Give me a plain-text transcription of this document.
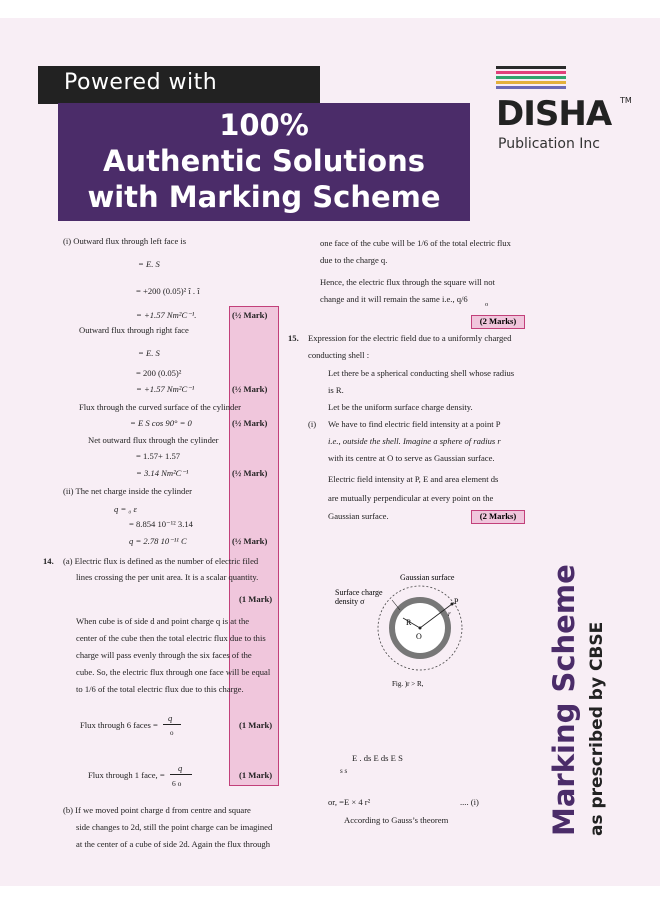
Powered with
100%
Authentic Solutions
with Marking Scheme
DISHA TM
Publication Inc
(i) Outward flux through left face is
= E. S
= +200 (0.05)² î . î
= +1.57 Nm²C⁻¹.	(½ Mark)
Outward flux through right face
= E. S
= 200 (0.05)²
= +1.57 Nm²C⁻¹	(½ Mark)
Flux through the curved surface of the cylinder
= E S cos 90° = 0	(½ Mark)
Net outward flux through the cylinder
= 1.57+ 1.57
= 3.14 Nm²C⁻¹	(½ Mark)
(ii) The net charge inside the cylinder
q = ₀ ε
= 8.854 10⁻¹² 3.14
q = 2.78 10⁻¹¹ C	(½ Mark)
14. (a) Electric flux is defined as the number of electric filed
lines crossing the per unit area. It is a scalar quantity.
(1 Mark)
When cube is of side d and point charge q is at the
center of the cube then the total electric flux due to this
charge will pass evenly through the six faces of the
cube. So, the electric flux through one face will be equal
to 1/6 of the total electric flux due to this charge.
Flux through 6 faces =
q
o
(1 Mark)
Flux through 1 face, =
q
6 o
(1 Mark)
(b) If we moved point charge d from centre and square
side changes to 2d, still the point charge can be imagined
at the center of a cube of side 2d. Again the flux through
one face of the cube will be 1/6 of the total electric flux
due to the charge q.
Hence, the electric flux through the square will not
change and it will remain the same i.e., q/6
o
(2 Marks)
15. Expression for the electric field due to a uniformly charged
conducting shell :
Let there be a spherical conducting shell whose radius
is R.
Let be the uniform surface charge density.
(i) We have to find electric field intensity at a point P
i.e., outside the shell. Imagine a sphere of radius r
with its centre at O to serve as Gaussian surface.
Electric field intensity at P, E and area element ds
are mutually perpendicular at every point on the
Gaussian surface.	(2 Marks)
Gaussian surface
Surface charge
density σ	P
R
O
r
Fig. )r > R,
E . ds E ds E S
s s
or, =E × 4 r²	.... (i)
According to Gauss’s theorem	Marking Scheme as prescribed by CBSE
